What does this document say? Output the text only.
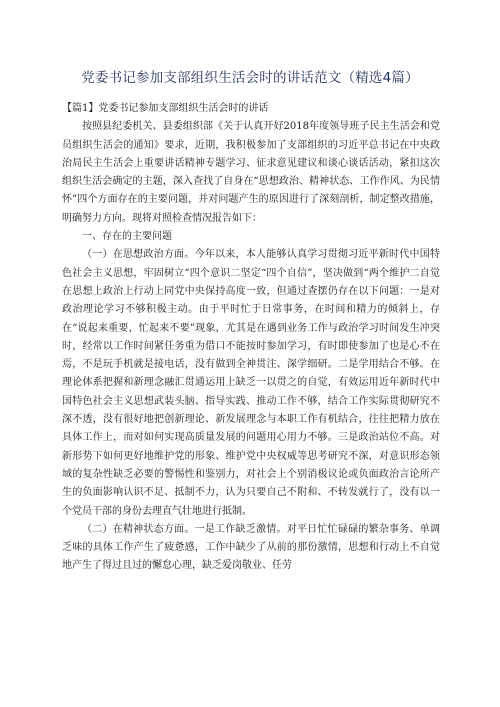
党委书记参加支部组织生活会时的讲话范文（精选4篇）

【篇1】党委书记参加支部组织生活会时的讲话

按照县纪委机关、县委组织部《关于认真开好2018年度领导班子民主生活会和党员组织生活会的通知》要求，近期，我积极参加了支部组织的习近平总书记在中央政治局民主生活会上重要讲话精神专题学习、征求意见建议和谈心谈话活动，紧扣这次组织生活会确定的主题，深入查找了自身在“思想政治、精神状态、工作作风、为民情怀”四个方面存在的主要问题，并对问题产生的原因进行了深刻剖析，制定整改措施，明确努力方向。现将对照检查情况报告如下：

一、存在的主要问题

（一）在思想政治方面。今年以来，本人能够认真学习贯彻习近平新时代中国特色社会主义思想，牢固树立“四个意识二坚定“四个自信”，坚决做到“两个维护二自觉在思想上政治上行动上同党中央保持高度一致，但通过查摆仍存在以下问题：一是对政治理论学习不够积极主动。由于平时忙于日常事务，在时间和精力的倾斜上，存在“说起来重要，忙起来不要”现象，尤其是在遇到业务工作与政治学习时间发生冲突时，经常以工作时间紧任务重为借口不能按时参加学习，有时即使参加了也是心不在焉，不是玩手机就是接电话，没有做到全神贯注、深学细研。二是学用结合不够。在理论体系把握和新理念融汇贯通运用上缺乏一以贯之的自觉，有效运用近年新时代中国特色社会主义思想武装头脑、指导实践、推动工作不够，结合工作实际贯彻研究不深不透，没有很好地把创新理论、新发展理念与本职工作有机结合，往往把精力放在具体工作上，而对如何实现高质量发展的问题用心用力不够。三是政治站位不高。对新形势下如何更好地维护党的形象、维护党中央权威等思考研究不深，对意识形态领域的复杂性缺乏必要的警惕性和鉴别力，对社会上个别消极议论或负面政治言论所产生的负面影响认识不足、抵制不力，认为只要自己不附和、不转发就行了，没有以一个党员干部的身份去理直气壮地进行抵制。

（二）在精神状态方面。一是工作缺乏激情。对平日忙忙碌碌的繁杂事务、单调乏味的具体工作产生了疲惫感，工作中缺少了从前的那份激情，思想和行动上不自觉地产生了得过且过的懈怠心理，缺乏爱岗敬业、任劳
